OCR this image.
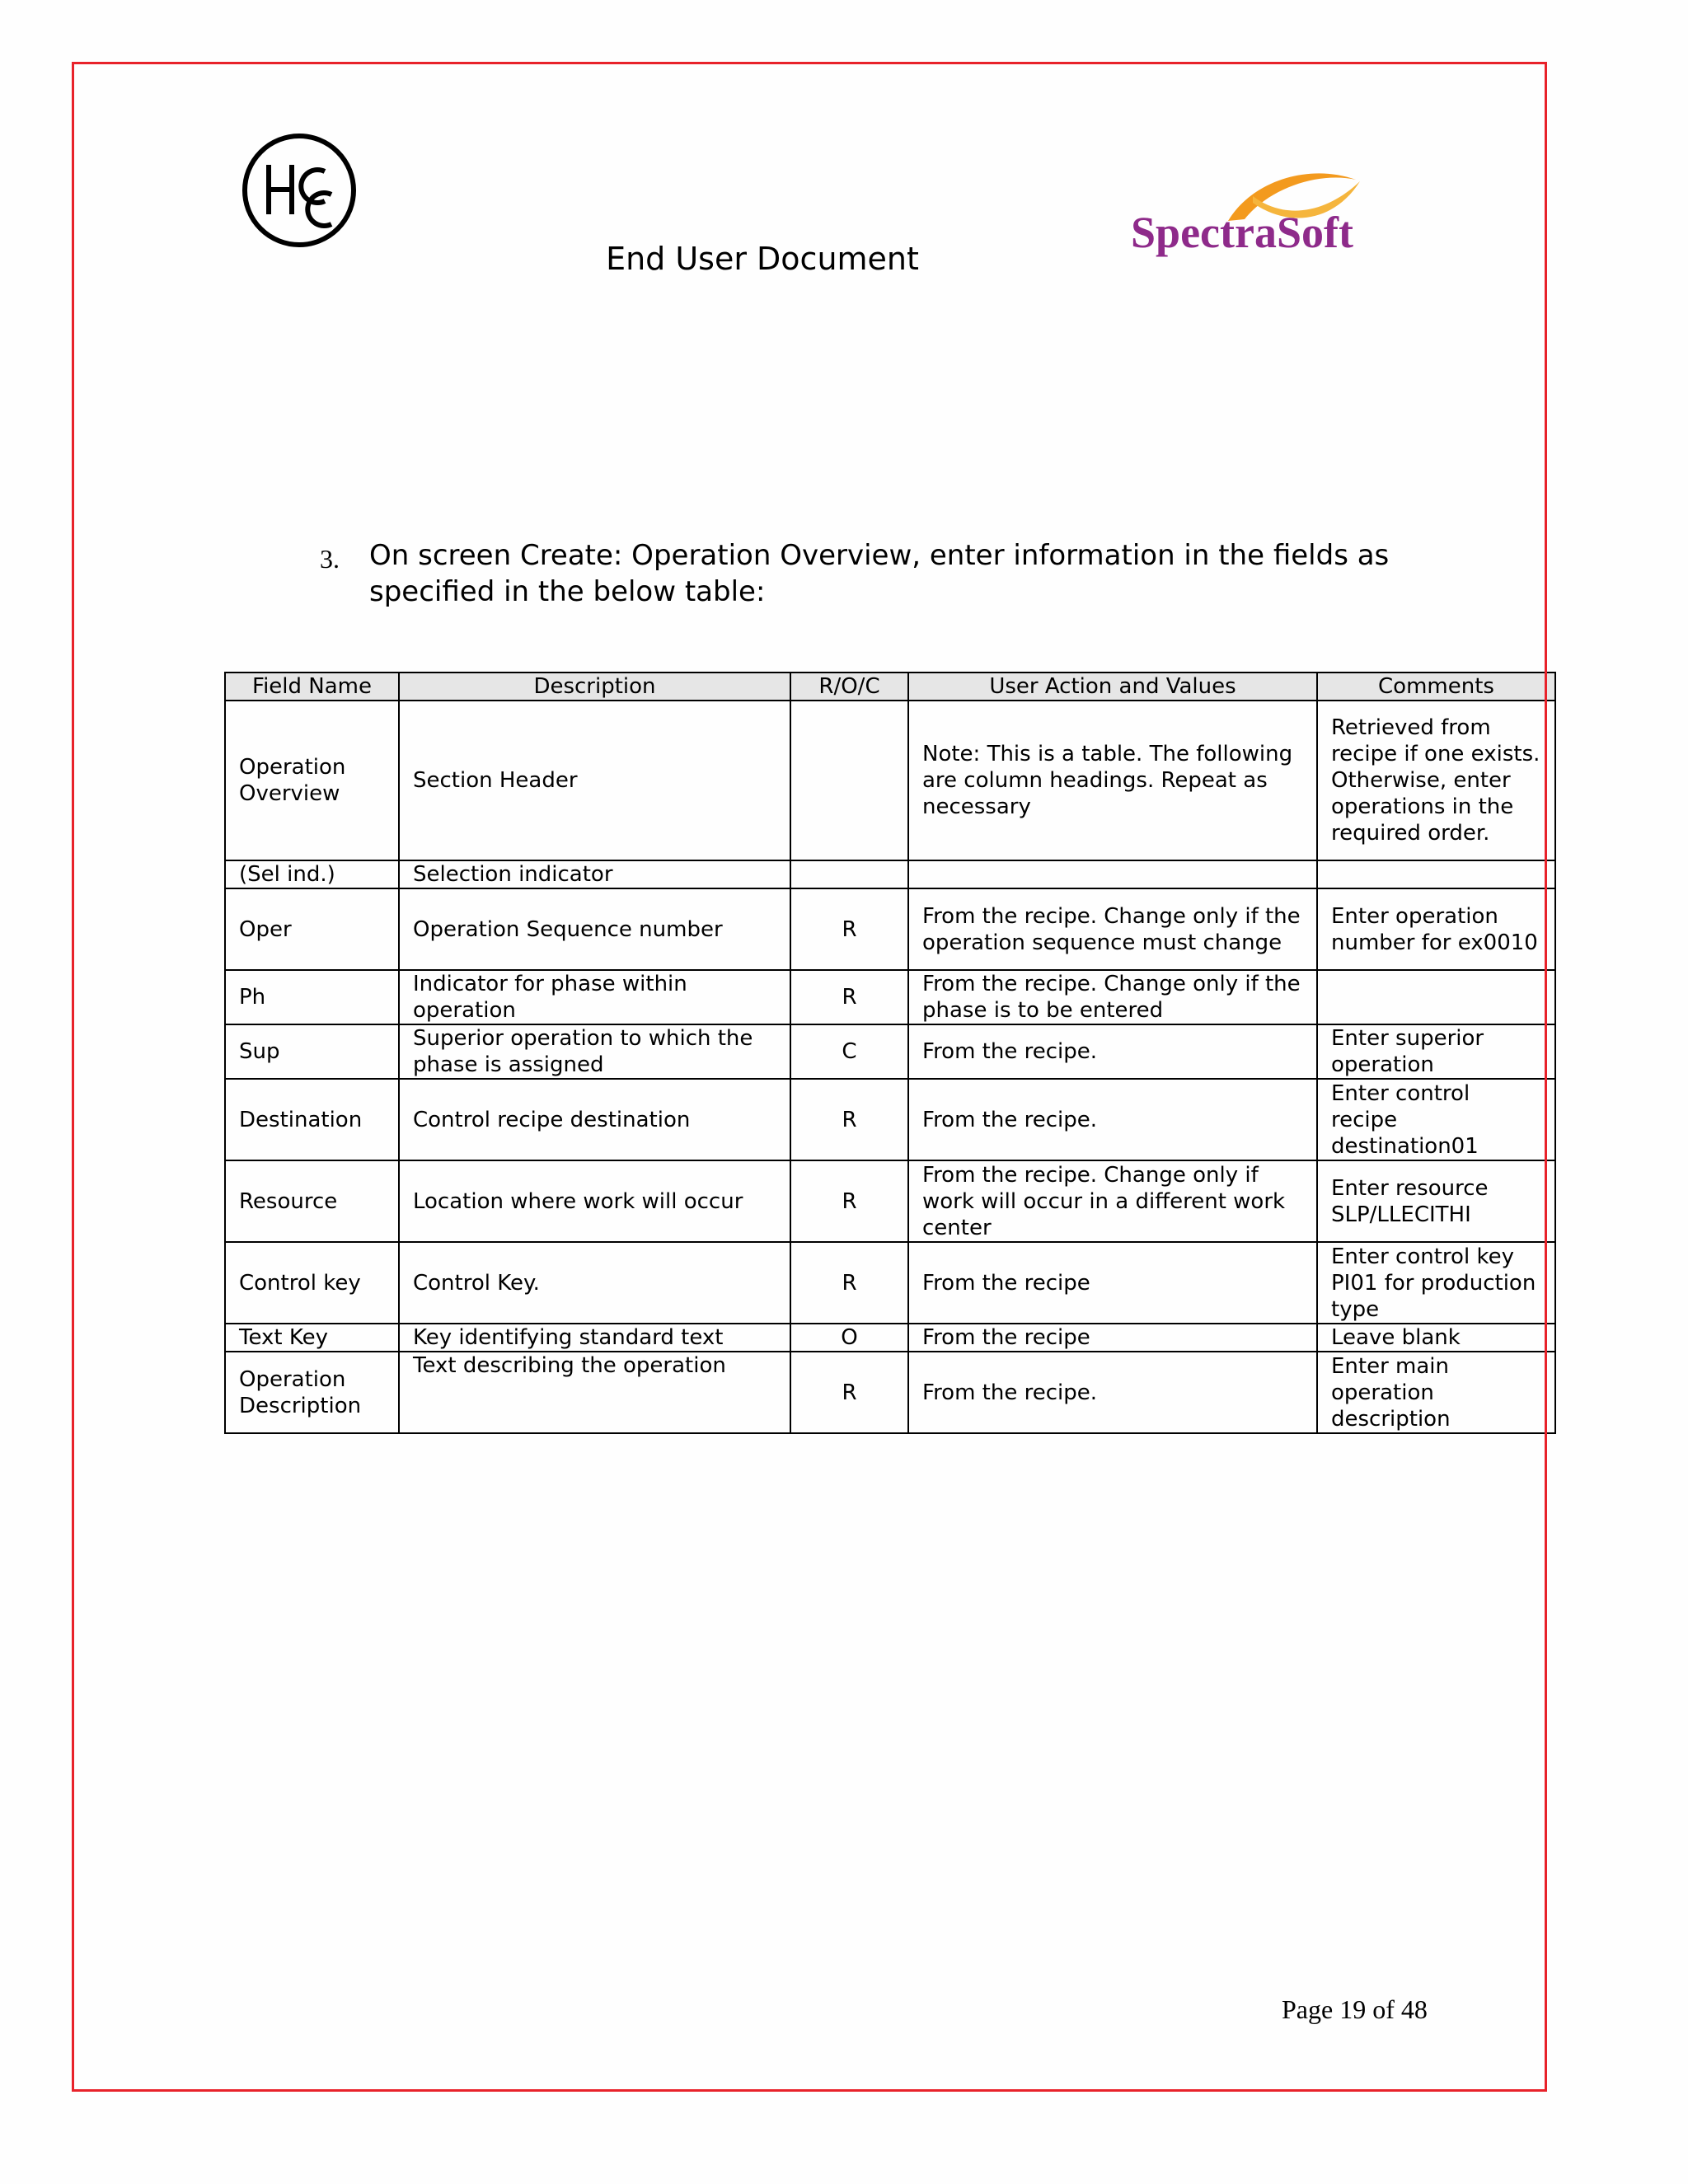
SpectraSoft
End User Document
3. On screen Create: Operation Overview, enter information in the fields as specified in the below table:
Field Name	Description	R/O/C	User Action and Values	Comments
Operation Overview	Section Header		Note: This is a table. The following are column headings. Repeat as necessary	Retrieved from recipe if one exists. Otherwise, enter operations in the required order.
(Sel ind.)	Selection indicator			
Oper	Operation Sequence number	R	From the recipe. Change only if the operation sequence must change	Enter operation number for ex0010
Ph	Indicator for phase within operation	R	From the recipe. Change only if the phase is to be entered	
Sup	Superior operation to which the phase is assigned	C	From the recipe.	Enter superior operation
Destination	Control recipe destination	R	From the recipe.	Enter control recipe destination01
Resource	Location where work will occur	R	From the recipe. Change only if work will occur in a different work center	Enter resource SLP/LLECITHI
Control key	Control Key.	R	From the recipe	Enter control key PI01 for production type
Text Key	Key identifying standard text	O	From the recipe	Leave blank
Operation Description	Text describing the operation	R	From the recipe.	Enter main operation description
Page 19 of 48
